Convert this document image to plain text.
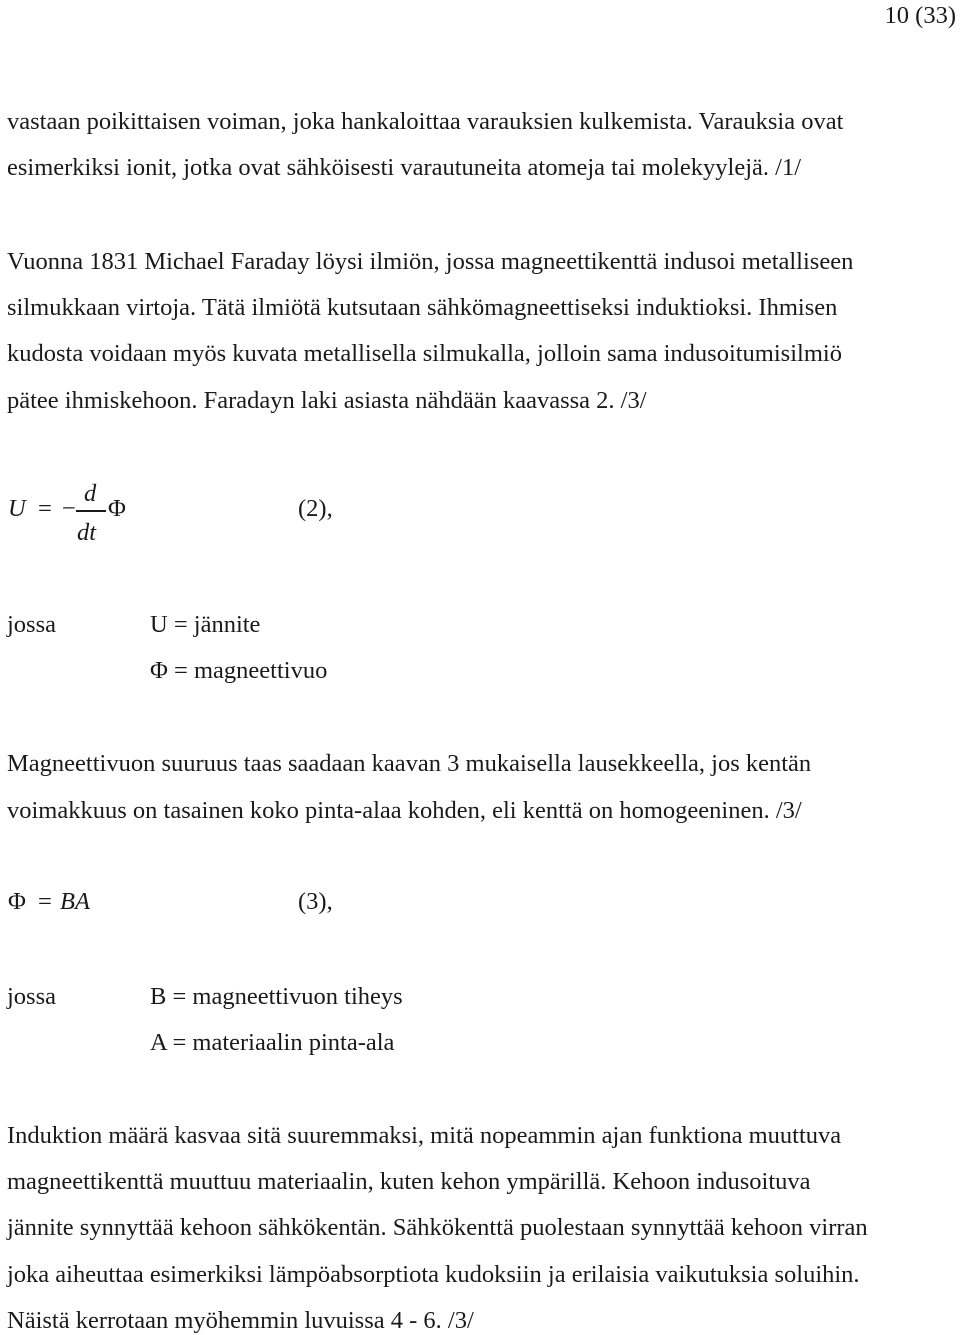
10 (33)
vastaan poikittaisen voiman, joka hankaloittaa varauksien kulkemista. Varauksia ovat
esimerkiksi ionit, jotka ovat sähköisesti varautuneita atomeja tai molekyylejä. /1/
Vuonna 1831 Michael Faraday löysi ilmiön, jossa magneettikenttä indusoi metalliseen
silmukkaan virtoja. Tätä ilmiötä kutsutaan sähkömagneettiseksi induktioksi. Ihmisen
kudosta voidaan myös kuvata metallisella silmukalla, jolloin sama indusoitumisilmiö
pätee ihmiskehoon. Faradayn laki asiasta nähdään kaavassa 2. /3/
U = −
d
dt
Φ	(2),
jossa	U = jännite
Φ = magneettivuo
Magneettivuon suuruus taas saadaan kaavan 3 mukaisella lausekkeella, jos kentän
voimakkuus on tasainen koko pinta-alaa kohden, eli kenttä on homogeeninen. /3/
Φ = BA	(3),
jossa	B = magneettivuon tiheys
A = materiaalin pinta-ala
Induktion määrä kasvaa sitä suuremmaksi, mitä nopeammin ajan funktiona muuttuva
magneettikenttä muuttuu materiaalin, kuten kehon ympärillä. Kehoon indusoituva
jännite synnyttää kehoon sähkökentän. Sähkökenttä puolestaan synnyttää kehoon virran
joka aiheuttaa esimerkiksi lämpöabsorptiota kudoksiin ja erilaisia vaikutuksia soluihin.
Näistä kerrotaan myöhemmin luvuissa 4 - 6. /3/
